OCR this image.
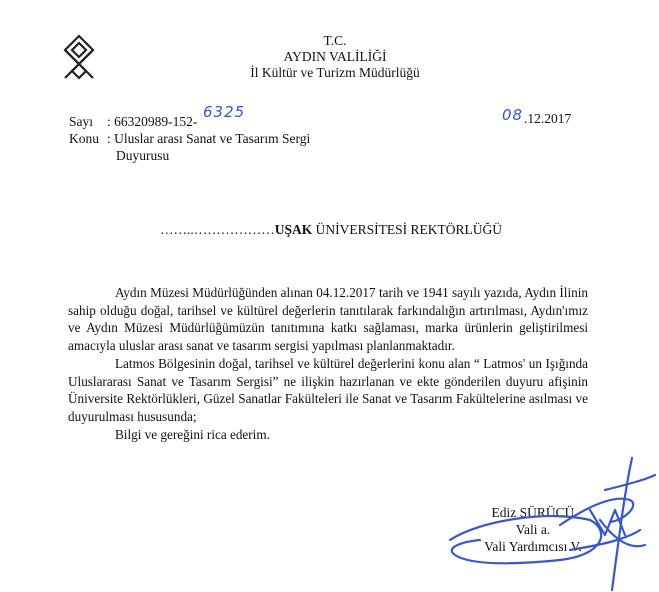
T.C.
AYDIN VALİLİĞİ
İl Kültür ve Turizm Müdürlüğü
Sayı : 66320989-152-
6325
Konu : Uluslar arası Sanat ve Tasarım Sergi
Duyurusu
08 .12.2017
……..………………UŞAK ÜNİVERSİTESİ REKTÖRLÜĞÜ

Aydın Müzesi Müdürlüğünden alınan 04.12.2017 tarih ve 1941 sayılı yazıda, Aydın İlinin sahip olduğu doğal, tarihsel ve kültürel değerlerin tanıtılarak farkındalığın artırılması, Aydın'ımız ve Aydın Müzesi Müdürlüğümüzün tanıtımına katkı sağlaması, marka ürünlerin geliştirilmesi amacıyla uluslar arası sanat ve tasarım sergisi yapılması planlanmaktadır.

Latmos Bölgesinin doğal, tarihsel ve kültürel değerlerini konu alan “ Latmos' un Işığında Uluslararası Sanat ve Tasarım Sergisi” ne ilişkin hazırlanan ve ekte gönderilen duyuru afişinin Üniversite Rektörlükleri, Güzel Sanatlar Fakülteleri ile Sanat ve Tasarım Fakültelerine asılması ve duyurulması hususunda;

Bilgi ve gereğini rica ederim.

Ediz SÜRÜCÜ
Vali a.
Vali Yardımcısı V.
